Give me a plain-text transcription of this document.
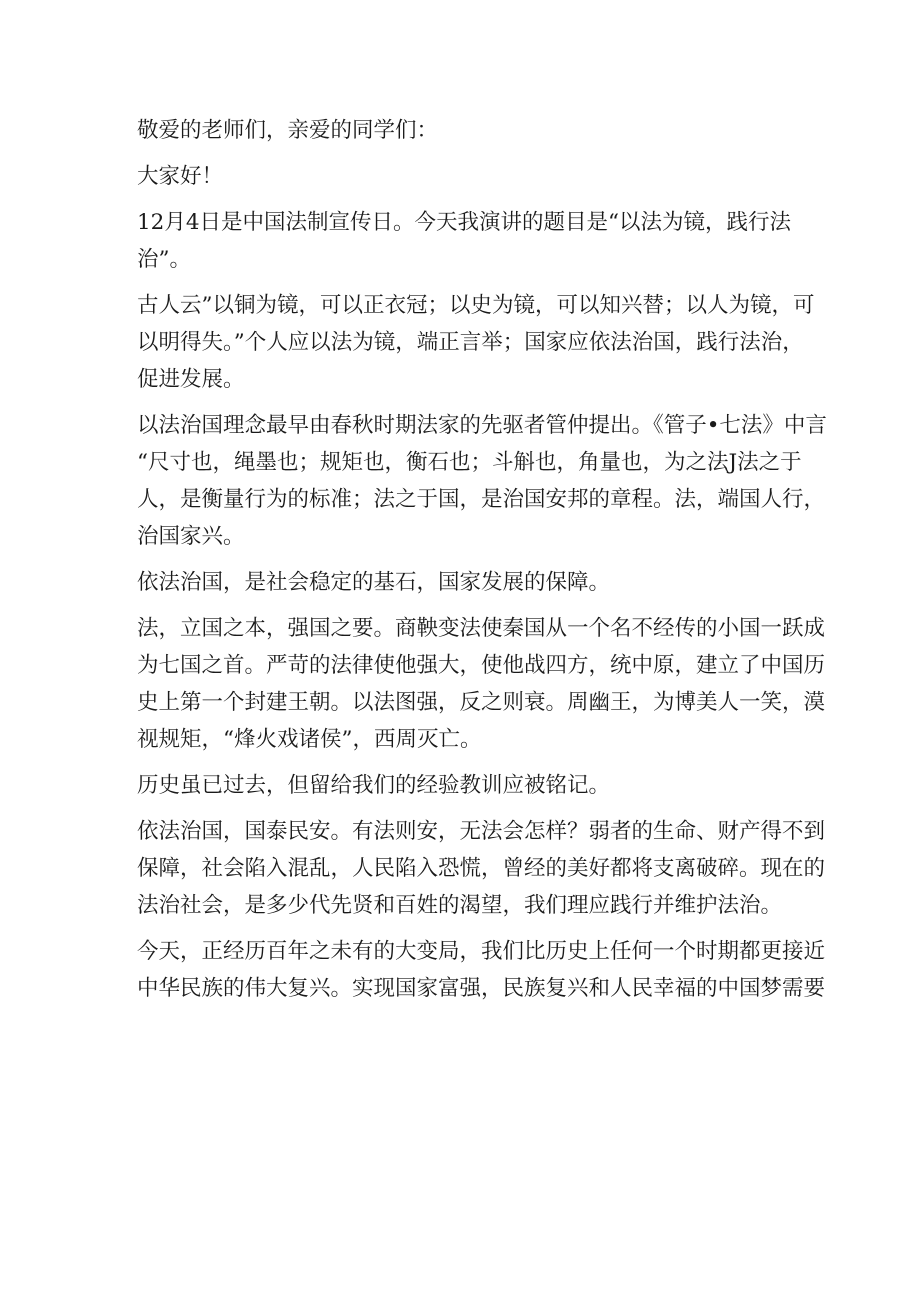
敬爱的老师们，亲爱的同学们：
大家好！
12月4日是中国法制宣传日。今天我演讲的题目是“以法为镜，践行法
治”。
古人云”以铜为镜，可以正衣冠；以史为镜，可以知兴替；以人为镜，可
以明得失。”个人应以法为镜，端正言举；国家应依法治国，践行法治，
促进发展。
以法治国理念最早由春秋时期法家的先驱者管仲提出。《管子•七法》中言
“尺寸也，绳墨也；规矩也，衡石也；斗斛也，角量也，为之法J法之于
人，是衡量行为的标准；法之于国，是治国安邦的章程。法，端国人行，
治国家兴。
依法治国，是社会稳定的基石，国家发展的保障。
法，立国之本，强国之要。商鞅变法使秦国从一个名不经传的小国一跃成
为七国之首。严苛的法律使他强大，使他战四方，统中原，建立了中国历
史上第一个封建王朝。以法图强，反之则衰。周幽王，为博美人一笑，漠
视规矩，“烽火戏诸侯”，西周灭亡。
历史虽已过去，但留给我们的经验教训应被铭记。
依法治国，国泰民安。有法则安，无法会怎样？弱者的生命、财产得不到
保障，社会陷入混乱，人民陷入恐慌，曾经的美好都将支离破碎。现在的
法治社会，是多少代先贤和百姓的渴望，我们理应践行并维护法治。
今天，正经历百年之未有的大变局，我们比历史上任何一个时期都更接近
中华民族的伟大复兴。实现国家富强，民族复兴和人民幸福的中国梦需要
